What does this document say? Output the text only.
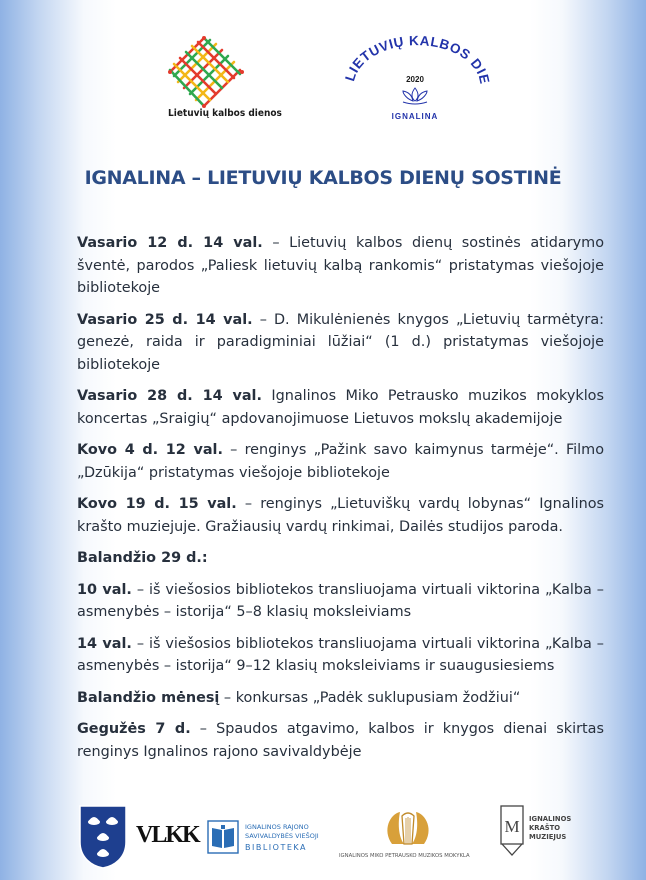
Lietuvių kalbos dienos
LIETUVIŲ KALBOS DI
2020
IGNALINA
IGNALINA – LIETUVIŲ KALBOS DIENŲ SOSTINĖ

Vasario 12 d. 14 val. – Lietuvių kalbos dienų sostinės atidarymo šventė, parodos „Paliesk lietuvių kalbą rankomis“ pristatymas viešojoje bibliotekoje

Vasario 25 d. 14 val. – D. Mikulėnienės knygos „Lietuvių tarmėtyra: genezė, raida ir paradigminiai lūžiai“ (1 d.) pristatymas viešojoje bibliotekoje

Vasario 28 d. 14 val. Ignalinos Miko Petrausko muzikos mokyklos koncertas „Sraigių“ apdovanojimuose Lietuvos mokslų akademijoje

Kovo 4 d. 12 val. – renginys „Pažink savo kaimynus tarmėje“. Filmo „Dzūkija“ pristatymas viešojoje bibliotekoje

Kovo 19 d. 15 val. – renginys „Lietuviškų vardų lobynas“ Ignalinos krašto muziejuje. Gražiausių vardų rinkimai, Dailės studijos paroda.

Balandžio 29 d.:

10 val. – iš viešosios bibliotekos transliuojama virtuali viktorina „Kalba – asmenybės – istorija“ 5–8 klasių moksleiviams

14 val. – iš viešosios bibliotekos transliuojama virtuali viktorina „Kalba – asmenybės – istorija“ 9–12 klasių moksleiviams ir suaugusiesiems

Balandžio mėnesį – konkursas „Padėk suklupusiam žodžiui“

Gegužės 7 d. – Spaudos atgavimo, kalbos ir knygos dienai skirtas renginys Ignalinos rajono savivaldybėje

VLKK	IGNALINOS RAJONO
SAVIVALDYBĖS VIEŠOJI
BIBLIOTEKA
IGNALINOS MIKO PETRAUSKO MUZIKOS MOKYKLA
M IGNALINOS
KRAŠTO
MUZIEJUS
